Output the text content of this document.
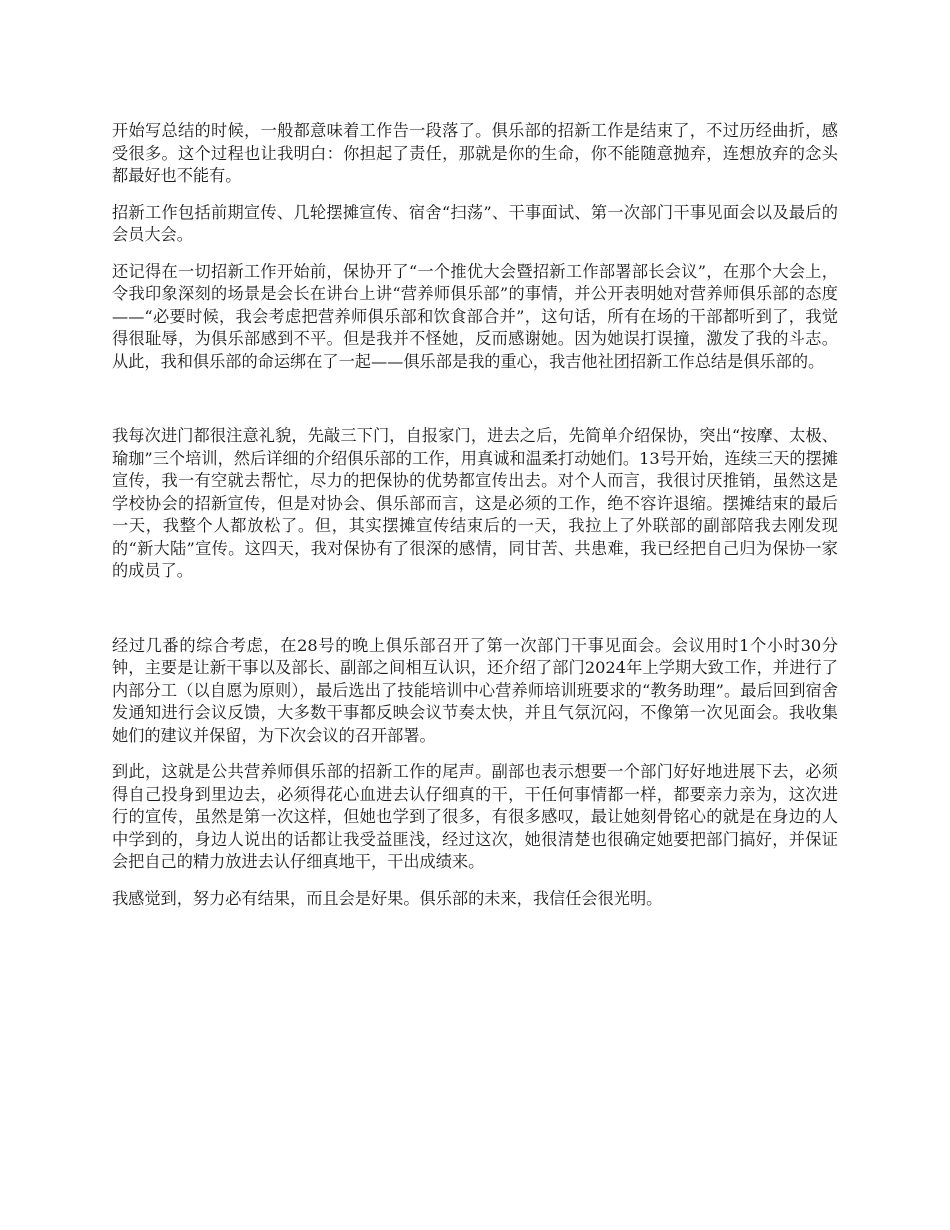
开始写总结的时候，一般都意味着工作告一段落了。俱乐部的招新工作是结束了，不过历经曲折，感受很多。这个过程也让我明白：你担起了责任，那就是你的生命，你不能随意抛弃，连想放弃的念头都最好也不能有。

招新工作包括前期宣传、几轮摆摊宣传、宿舍“扫荡”、干事面试、第一次部门干事见面会以及最后的会员大会。

还记得在一切招新工作开始前，保协开了“一个推优大会暨招新工作部署部长会议”，在那个大会上，令我印象深刻的场景是会长在讲台上讲“营养师俱乐部”的事情，并公开表明她对营养师俱乐部的态度——“必要时候，我会考虑把营养师俱乐部和饮食部合并”，这句话，所有在场的干部都听到了，我觉得很耻辱，为俱乐部感到不平。但是我并不怪她，反而感谢她。因为她误打误撞，激发了我的斗志。从此，我和俱乐部的命运绑在了一起——俱乐部是我的重心，我吉他社团招新工作总结是俱乐部的。

我每次进门都很注意礼貌，先敲三下门，自报家门，进去之后，先简单介绍保协，突出“按摩、太极、瑜珈”三个培训，然后详细的介绍俱乐部的工作，用真诚和温柔打动她们。13号开始，连续三天的摆摊宣传，我一有空就去帮忙，尽力的把保协的优势都宣传出去。对个人而言，我很讨厌推销，虽然这是学校协会的招新宣传，但是对协会、俱乐部而言，这是必须的工作，绝不容许退缩。摆摊结束的最后一天，我整个人都放松了。但，其实摆摊宣传结束后的一天，我拉上了外联部的副部陪我去刚发现的“新大陆”宣传。这四天，我对保协有了很深的感情，同甘苦、共患难，我已经把自己归为保协一家的成员了。

经过几番的综合考虑，在28号的晚上俱乐部召开了第一次部门干事见面会。会议用时1个小时30分钟，主要是让新干事以及部长、副部之间相互认识，还介绍了部门2024年上学期大致工作，并进行了内部分工（以自愿为原则），最后选出了技能培训中心营养师培训班要求的“教务助理”。最后回到宿舍发通知进行会议反馈，大多数干事都反映会议节奏太快，并且气氛沉闷，不像第一次见面会。我收集她们的建议并保留，为下次会议的召开部署。

到此，这就是公共营养师俱乐部的招新工作的尾声。副部也表示想要一个部门好好地进展下去，必须得自己投身到里边去，必须得花心血进去认仔细真的干，干任何事情都一样，都要亲力亲为，这次进行的宣传，虽然是第一次这样，但她也学到了很多，有很多感叹，最让她刻骨铭心的就是在身边的人中学到的，身边人说出的话都让我受益匪浅，经过这次，她很清楚也很确定她要把部门搞好，并保证会把自己的精力放进去认仔细真地干，干出成绩来。

我感觉到，努力必有结果，而且会是好果。俱乐部的未来，我信任会很光明。
